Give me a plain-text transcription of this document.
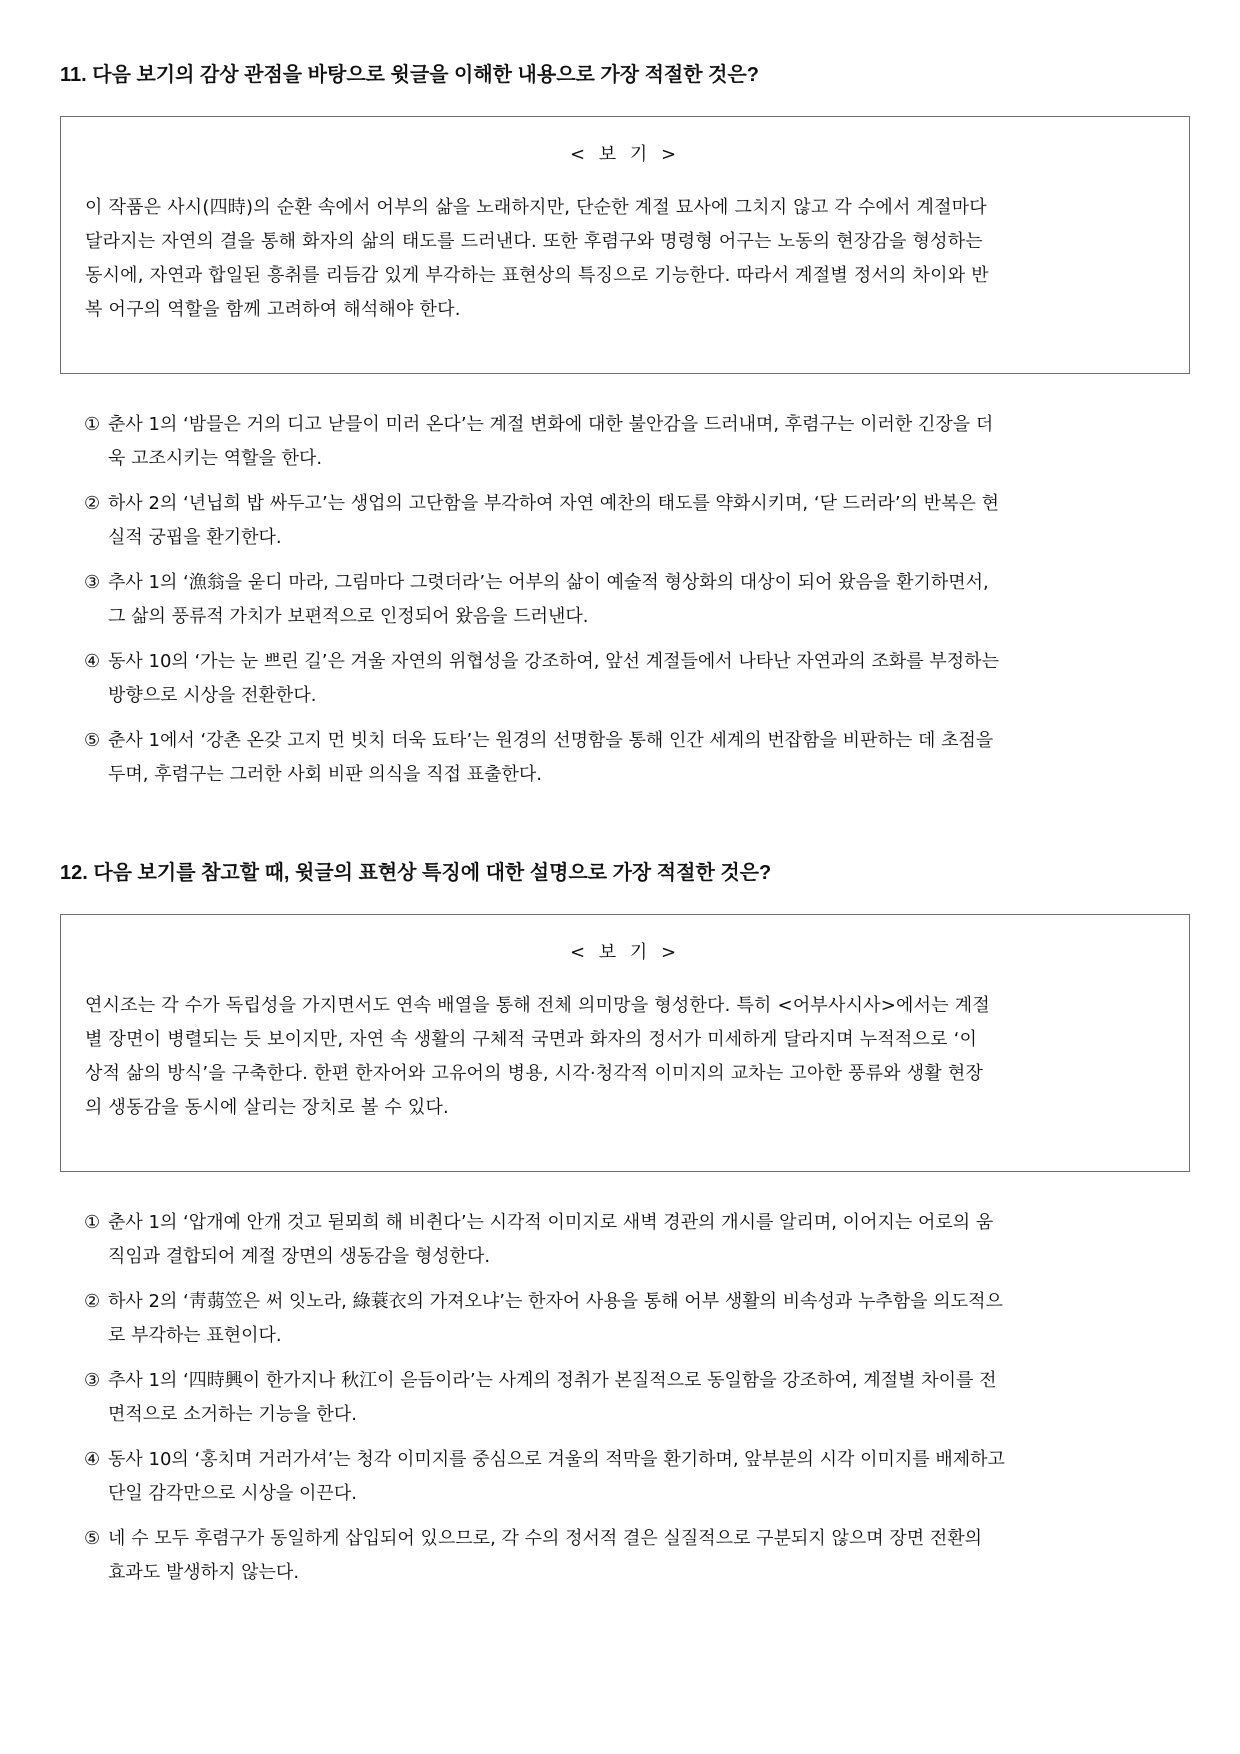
11. 다음 보기의 감상 관점을 바탕으로 윗글을 이해한 내용으로 가장 적절한 것은?
< 보 기 >

이 작품은 사시(四時)의 순환 속에서 어부의 삶을 노래하지만, 단순한 계절 묘사에 그치지 않고 각 수에서 계절마다
달라지는 자연의 결을 통해 화자의 삶의 태도를 드러낸다. 또한 후렴구와 명령형 어구는 노동의 현장감을 형성하는
동시에, 자연과 합일된 흥취를 리듬감 있게 부각하는 표현상의 특징으로 기능한다. 따라서 계절별 정서의 차이와 반
복 어구의 역할을 함께 고려하여 해석해야 한다.

① 춘사 1의 ‘밤믈은 거의 디고 낟믈이 미러 온다’는 계절 변화에 대한 불안감을 드러내며, 후렴구는 이러한 긴장을 더
욱 고조시키는 역할을 한다.
② 하사 2의 ‘년닙희 밥 싸두고’는 생업의 고단함을 부각하여 자연 예찬의 태도를 약화시키며, ‘닫 드러라’의 반복은 현
실적 궁핍을 환기한다.
③ 추사 1의 ‘漁翁을 욷디 마라, 그림마다 그렷더라’는 어부의 삶이 예술적 형상화의 대상이 되어 왔음을 환기하면서,
그 삶의 풍류적 가치가 보편적으로 인정되어 왔음을 드러낸다.
④ 동사 10의 ‘가는 눈 쁘린 길’은 겨울 자연의 위협성을 강조하여, 앞선 계절들에서 나타난 자연과의 조화를 부정하는
방향으로 시상을 전환한다.
⑤ 춘사 1에서 ‘강촌 온갖 고지 먼 빗치 더욱 됴타’는 원경의 선명함을 통해 인간 세계의 번잡함을 비판하는 데 초점을
두며, 후렴구는 그러한 사회 비판 의식을 직접 표출한다.
12. 다음 보기를 참고할 때, 윗글의 표현상 특징에 대한 설명으로 가장 적절한 것은?
< 보 기 >

연시조는 각 수가 독립성을 가지면서도 연속 배열을 통해 전체 의미망을 형성한다. 특히 <어부사시사>에서는 계절
별 장면이 병렬되는 듯 보이지만, 자연 속 생활의 구체적 국면과 화자의 정서가 미세하게 달라지며 누적적으로 ‘이
상적 삶의 방식’을 구축한다. 한편 한자어와 고유어의 병용, 시각·청각적 이미지의 교차는 고아한 풍류와 생활 현장
의 생동감을 동시에 살리는 장치로 볼 수 있다.

① 춘사 1의 ‘압개예 안개 것고 뒫뫼희 해 비췬다’는 시각적 이미지로 새벽 경관의 개시를 알리며, 이어지는 어로의 움
직임과 결합되어 계절 장면의 생동감을 형성한다.
② 하사 2의 ‘靑蒻笠은 써 잇노라, 綠蓑衣의 가져오냐’는 한자어 사용을 통해 어부 생활의 비속성과 누추함을 의도적으
로 부각하는 표현이다.
③ 추사 1의 ‘四時興이 한가지나 秋江이 읃듬이라’는 사계의 정취가 본질적으로 동일함을 강조하여, 계절별 차이를 전
면적으로 소거하는 기능을 한다.
④ 동사 10의 ‘홍치며 거러가셔’는 청각 이미지를 중심으로 겨울의 적막을 환기하며, 앞부분의 시각 이미지를 배제하고
단일 감각만으로 시상을 이끈다.
⑤ 네 수 모두 후렴구가 동일하게 삽입되어 있으므로, 각 수의 정서적 결은 실질적으로 구분되지 않으며 장면 전환의
효과도 발생하지 않는다.
